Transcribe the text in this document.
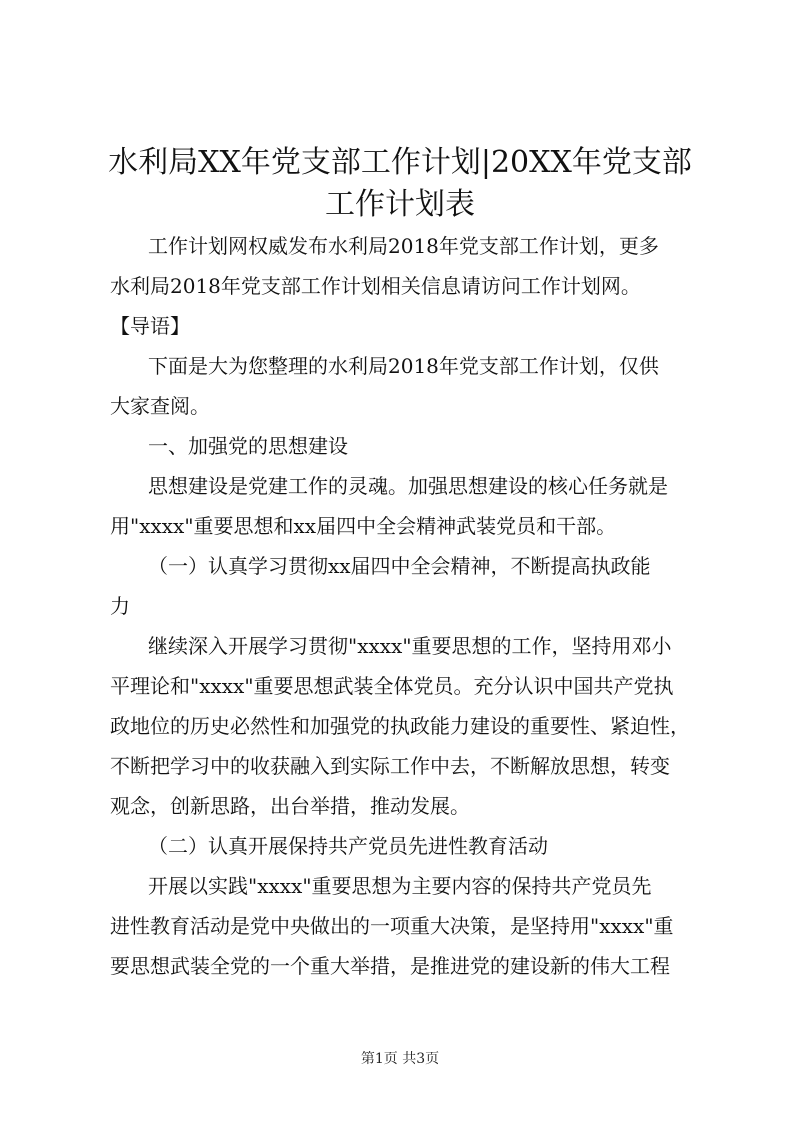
水利局XX年党支部工作计划|20XX年党支部
工作计划表

工作计划网权威发布水利局2018年党支部工作计划，更多

水利局2018年党支部工作计划相关信息请访问工作计划网。

【导语】

下面是大为您整理的水利局2018年党支部工作计划，仅供

大家查阅。

一、加强党的思想建设

思想建设是党建工作的灵魂。加强思想建设的核心任务就是

用"xxxx"重要思想和xx届四中全会精神武装党员和干部。

（一）认真学习贯彻xx届四中全会精神，不断提高执政能

力

继续深入开展学习贯彻"xxxx"重要思想的工作，坚持用邓小

平理论和"xxxx"重要思想武装全体党员。充分认识中国共产党执

政地位的历史必然性和加强党的执政能力建设的重要性、紧迫性，

不断把学习中的收获融入到实际工作中去，不断解放思想，转变

观念，创新思路，出台举措，推动发展。

（二）认真开展保持共产党员先进性教育活动

开展以实践"xxxx"重要思想为主要内容的保持共产党员先

进性教育活动是党中央做出的一项重大决策，是坚持用"xxxx"重

要思想武装全党的一个重大举措，是推进党的建设新的伟大工程

第1页 共3页
